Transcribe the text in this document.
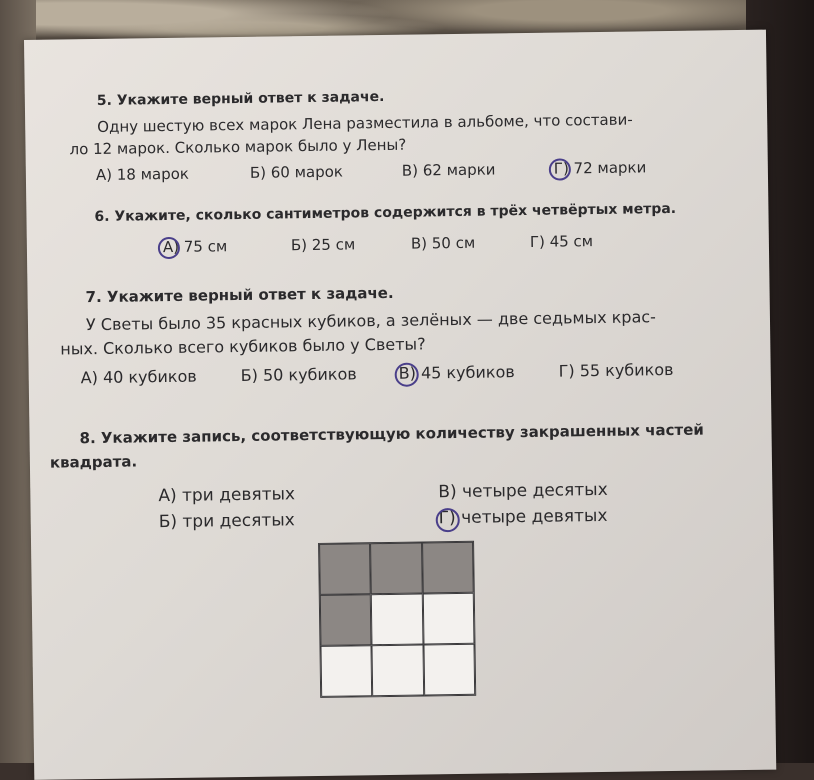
5. Укажите верный ответ к задаче.
Одну шестую всех марок Лена разместила в альбоме, что состави-
ло 12 марок. Сколько марок было у Лены?
А) 18 марок	Б) 60 марок	В) 62 марки	Г) 72 марки
6. Укажите, сколько сантиметров содержится в трёх четвёртых метра.
А) 75 см	Б) 25 см	В) 50 см	Г) 45 см
7. Укажите верный ответ к задаче.
У Светы было 35 красных кубиков, а зелёных — две седьмых крас-
ных. Сколько всего кубиков было у Светы?
А) 40 кубиков	Б) 50 кубиков	В) 45 кубиков	Г) 55 кубиков
8. Укажите запись, соответствующую количеству закрашенных частей
квадрата.
А) три девятых
Б) три десятых
В) четыре десятых
Г) четыре девятых
